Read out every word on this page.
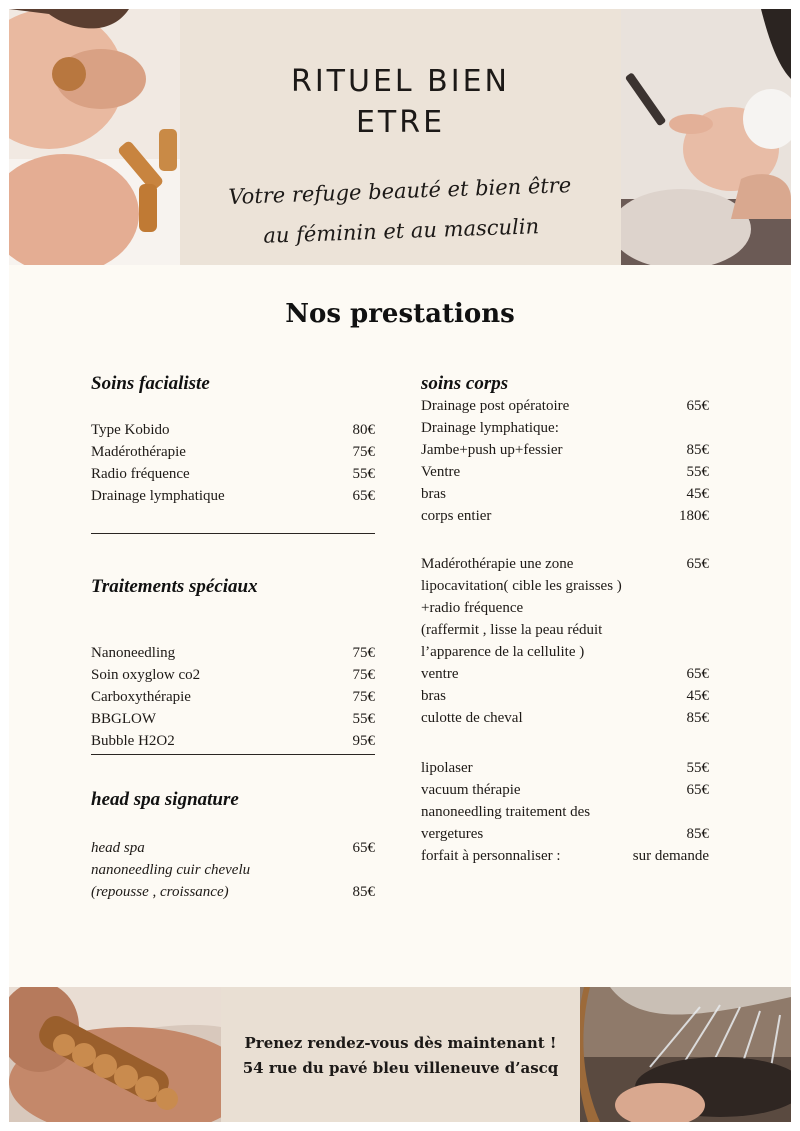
RITUEL BIEN
ETRE
Votre refuge beauté et bien être
au féminin et au masculin
Nos prestations
Soins facialiste
Type Kobido	80€
Madérothérapie	75€
Radio fréquence	55€
Drainage lymphatique	65€
Traitements spéciaux
Nanoneedling	75€
Soin oxyglow co2	75€
Carboxythérapie	75€
BBGLOW	55€
Bubble H2O2	95€
head spa signature
head spa	65€
nanoneedling cuir chevelu
(repousse , croissance)	85€
soins corps
Drainage post opératoire	65€
Drainage lymphatique:
Jambe+push up+fessier	85€
Ventre	55€
bras	45€
corps entier	180€
Madérothérapie une zone	65€
lipocavitation( cible les graisses )
+radio fréquence
(raffermit , lisse la peau réduit
l’apparence de la cellulite )
ventre	65€
bras	45€
culotte de cheval	85€
lipolaser	55€
vacuum thérapie	65€
nanoneedling traitement des
vergetures	85€
forfait à personnaliser :	sur demande
Prenez rendez-vous dès maintenant !
54 rue du pavé bleu villeneuve d’ascq
